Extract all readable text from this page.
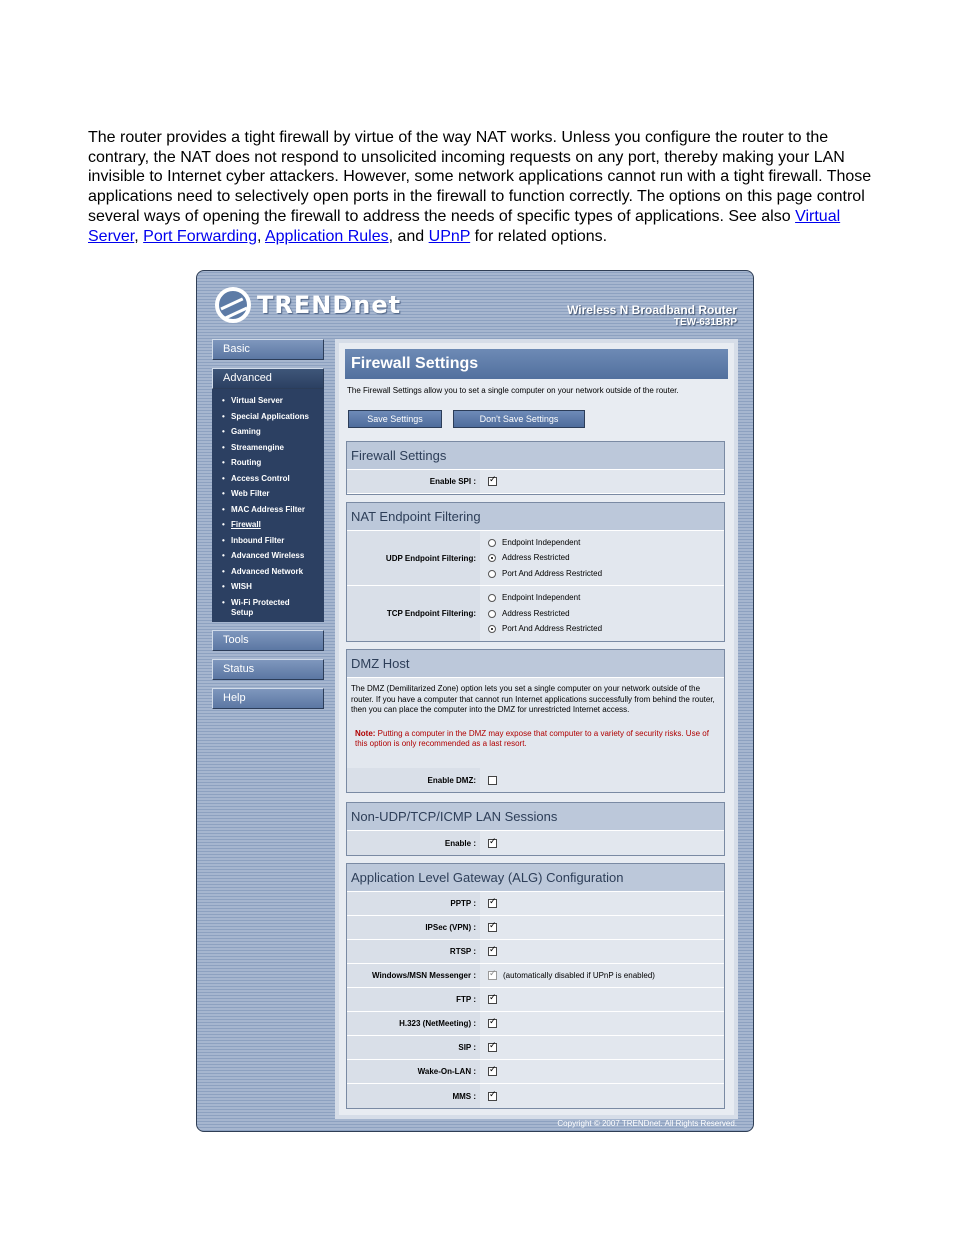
The router provides a tight firewall by virtue of the way NAT works. Unless you configure the router to the contrary, the NAT does not respond to unsolicited incoming requests on any port, thereby making your LAN invisible to Internet cyber attackers. However, some network applications cannot run with a tight firewall. Those applications need to selectively open ports in the firewall to function correctly. The options on this page control several ways of opening the firewall to address the needs of specific types of applications. See also Virtual Server, Port Forwarding, Application Rules, and UPnP for related options.
TRENDnet	Wireless N Broadband Router
TEW-631BRP
Basic
Advanced
• Virtual Server
• Special Applications
• Gaming
• Streamengine
• Routing
• Access Control
• Web Filter
• MAC Address Filter
• Firewall
• Inbound Filter
• Advanced Wireless
• Advanced Network
• WISH
• Wi-Fi Protected Setup
Tools
Status
Help
Firewall Settings
The Firewall Settings allow you to set a single computer on your network outside of the router.
Save Settings	Don't Save Settings
Firewall Settings
Enable SPI :
✓
NAT Endpoint Filtering
UDP Endpoint Filtering:
Endpoint Independent
Address Restricted
Port And Address Restricted
TCP Endpoint Filtering:
Endpoint Independent
Address Restricted
Port And Address Restricted
DMZ Host
The DMZ (Demilitarized Zone) option lets you set a single computer on your network outside of the router. If you have a computer that cannot run Internet applications successfully from behind the router, then you can place the computer into the DMZ for unrestricted Internet access.
Note: Putting a computer in the DMZ may expose that computer to a variety of security risks. Use of this option is only recommended as a last resort.
Enable DMZ:
Non-UDP/TCP/ICMP LAN Sessions
Enable :
✓
Application Level Gateway (ALG) Configuration
PPTP :
✓
IPSec (VPN) :
✓
RTSP :
✓
Windows/MSN Messenger :
✓	(automatically disabled if UPnP is enabled)
FTP :
✓
H.323 (NetMeeting) :
✓
SIP :
✓
Wake-On-LAN :
✓
MMS :
✓
Copyright © 2007 TRENDnet. All Rights Reserved.
